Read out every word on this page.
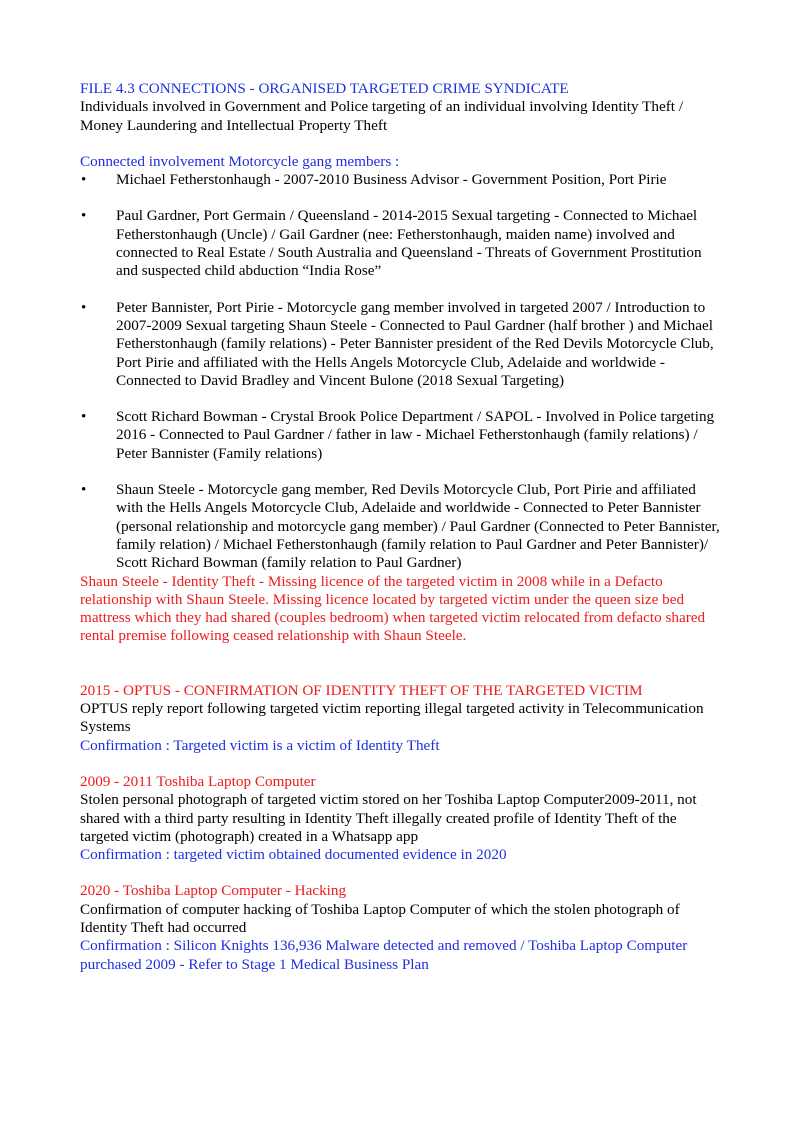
FILE 4.3 CONNECTIONS - ORGANISED TARGETED CRIME SYNDICATE

Individuals involved in Government and Police targeting of an individual involving Identity Theft / Money Laundering and Intellectual Property Theft

Connected involvement Motorcycle gang members :

• Michael Fetherstonhaugh - 2007-2010 Business Advisor - Government Position, Port Pirie
• Paul Gardner, Port Germain / Queensland - 2014-2015 Sexual targeting - Connected to Michael Fetherstonhaugh (Uncle) / Gail Gardner (nee: Fetherstonhaugh, maiden name) involved and connected to Real Estate / South Australia and Queensland - Threats of Government Prostitution and suspected child abduction “India Rose”
• Peter Bannister, Port Pirie - Motorcycle gang member involved in targeted 2007 / Introduction to 2007-2009 Sexual targeting Shaun Steele - Connected to Paul Gardner (half brother ) and Michael Fetherstonhaugh (family relations) - Peter Bannister president of the Red Devils Motorcycle Club, Port Pirie and affiliated with the Hells Angels Motorcycle Club, Adelaide and worldwide - Connected to David Bradley and Vincent Bulone (2018 Sexual Targeting)
• Scott Richard Bowman - Crystal Brook Police Department / SAPOL - Involved in Police targeting 2016 - Connected to Paul Gardner / father in law - Michael Fetherstonhaugh (family relations) / Peter Bannister (Family relations)
• Shaun Steele - Motorcycle gang member, Red Devils Motorcycle Club, Port Pirie and affiliated with the Hells Angels Motorcycle Club, Adelaide and worldwide - Connected to Peter Bannister (personal relationship and motorcycle gang member) / Paul Gardner (Connected to Peter Bannister, family relation) / Michael Fetherstonhaugh (family relation to Paul Gardner and Peter Bannister)/ Scott Richard Bowman (family relation to Paul Gardner)

Shaun Steele - Identity Theft - Missing licence of the targeted victim in 2008 while in a Defacto relationship with Shaun Steele. Missing licence located by targeted victim under the queen size bed mattress which they had shared (couples bedroom) when targeted victim relocated from defacto shared rental premise following ceased relationship with Shaun Steele.

2015 - OPTUS - CONFIRMATION OF IDENTITY THEFT OF THE TARGETED VICTIM

OPTUS reply report following targeted victim reporting illegal targeted activity in Telecommunication Systems

Confirmation : Targeted victim is a victim of Identity Theft

2009 - 2011 Toshiba Laptop Computer

Stolen personal photograph of targeted victim stored on her Toshiba Laptop Computer2009-2011, not shared with a third party resulting in Identity Theft illegally created profile of Identity Theft of the targeted victim (photograph) created in a Whatsapp app

Confirmation : targeted victim obtained documented evidence in 2020

2020 - Toshiba Laptop Computer - Hacking

Confirmation of computer hacking of Toshiba Laptop Computer of which the stolen photograph of Identity Theft had occurred

Confirmation : Silicon Knights 136,936 Malware detected and removed / Toshiba Laptop Computer purchased 2009 - Refer to Stage 1 Medical Business Plan
